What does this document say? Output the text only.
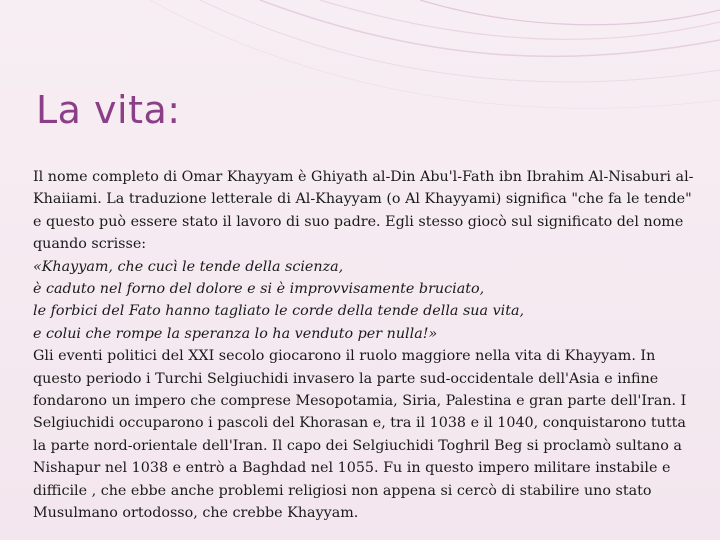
La vita:

Il nome completo di Omar Khayyam è Ghiyath al-Din Abu'l-Fath ibn Ibrahim Al-Nisaburi al-Khaiiami. La traduzione letterale di Al-Khayyam (o Al Khayyami) significa "che fa le tende" e questo può essere stato il lavoro di suo padre. Egli stesso giocò sul significato del nome quando scrisse:

«Khayyam, che cucì le tende della scienza,

è caduto nel forno del dolore e si è improvvisamente bruciato,

le forbici del Fato hanno tagliato le corde della tende della sua vita,

e colui che rompe la speranza lo ha venduto per nulla!»

Gli eventi politici del XXI secolo giocarono il ruolo maggiore nella vita di Khayyam. In questo periodo i Turchi Selgiuchidi invasero la parte sud-occidentale dell'Asia e infine fondarono un impero che comprese Mesopotamia, Siria, Palestina e gran parte dell'Iran. I Selgiuchidi occuparono i pascoli del Khorasan e, tra il 1038 e il 1040, conquistarono tutta la parte nord-orientale dell'Iran. Il capo dei Selgiuchidi Toghril Beg si proclamò sultano a Nishapur nel 1038 e entrò a Baghdad nel 1055. Fu in questo impero militare instabile e difficile , che ebbe anche problemi religiosi non appena si cercò di stabilire uno stato Musulmano ortodosso, che crebbe Khayyam.
